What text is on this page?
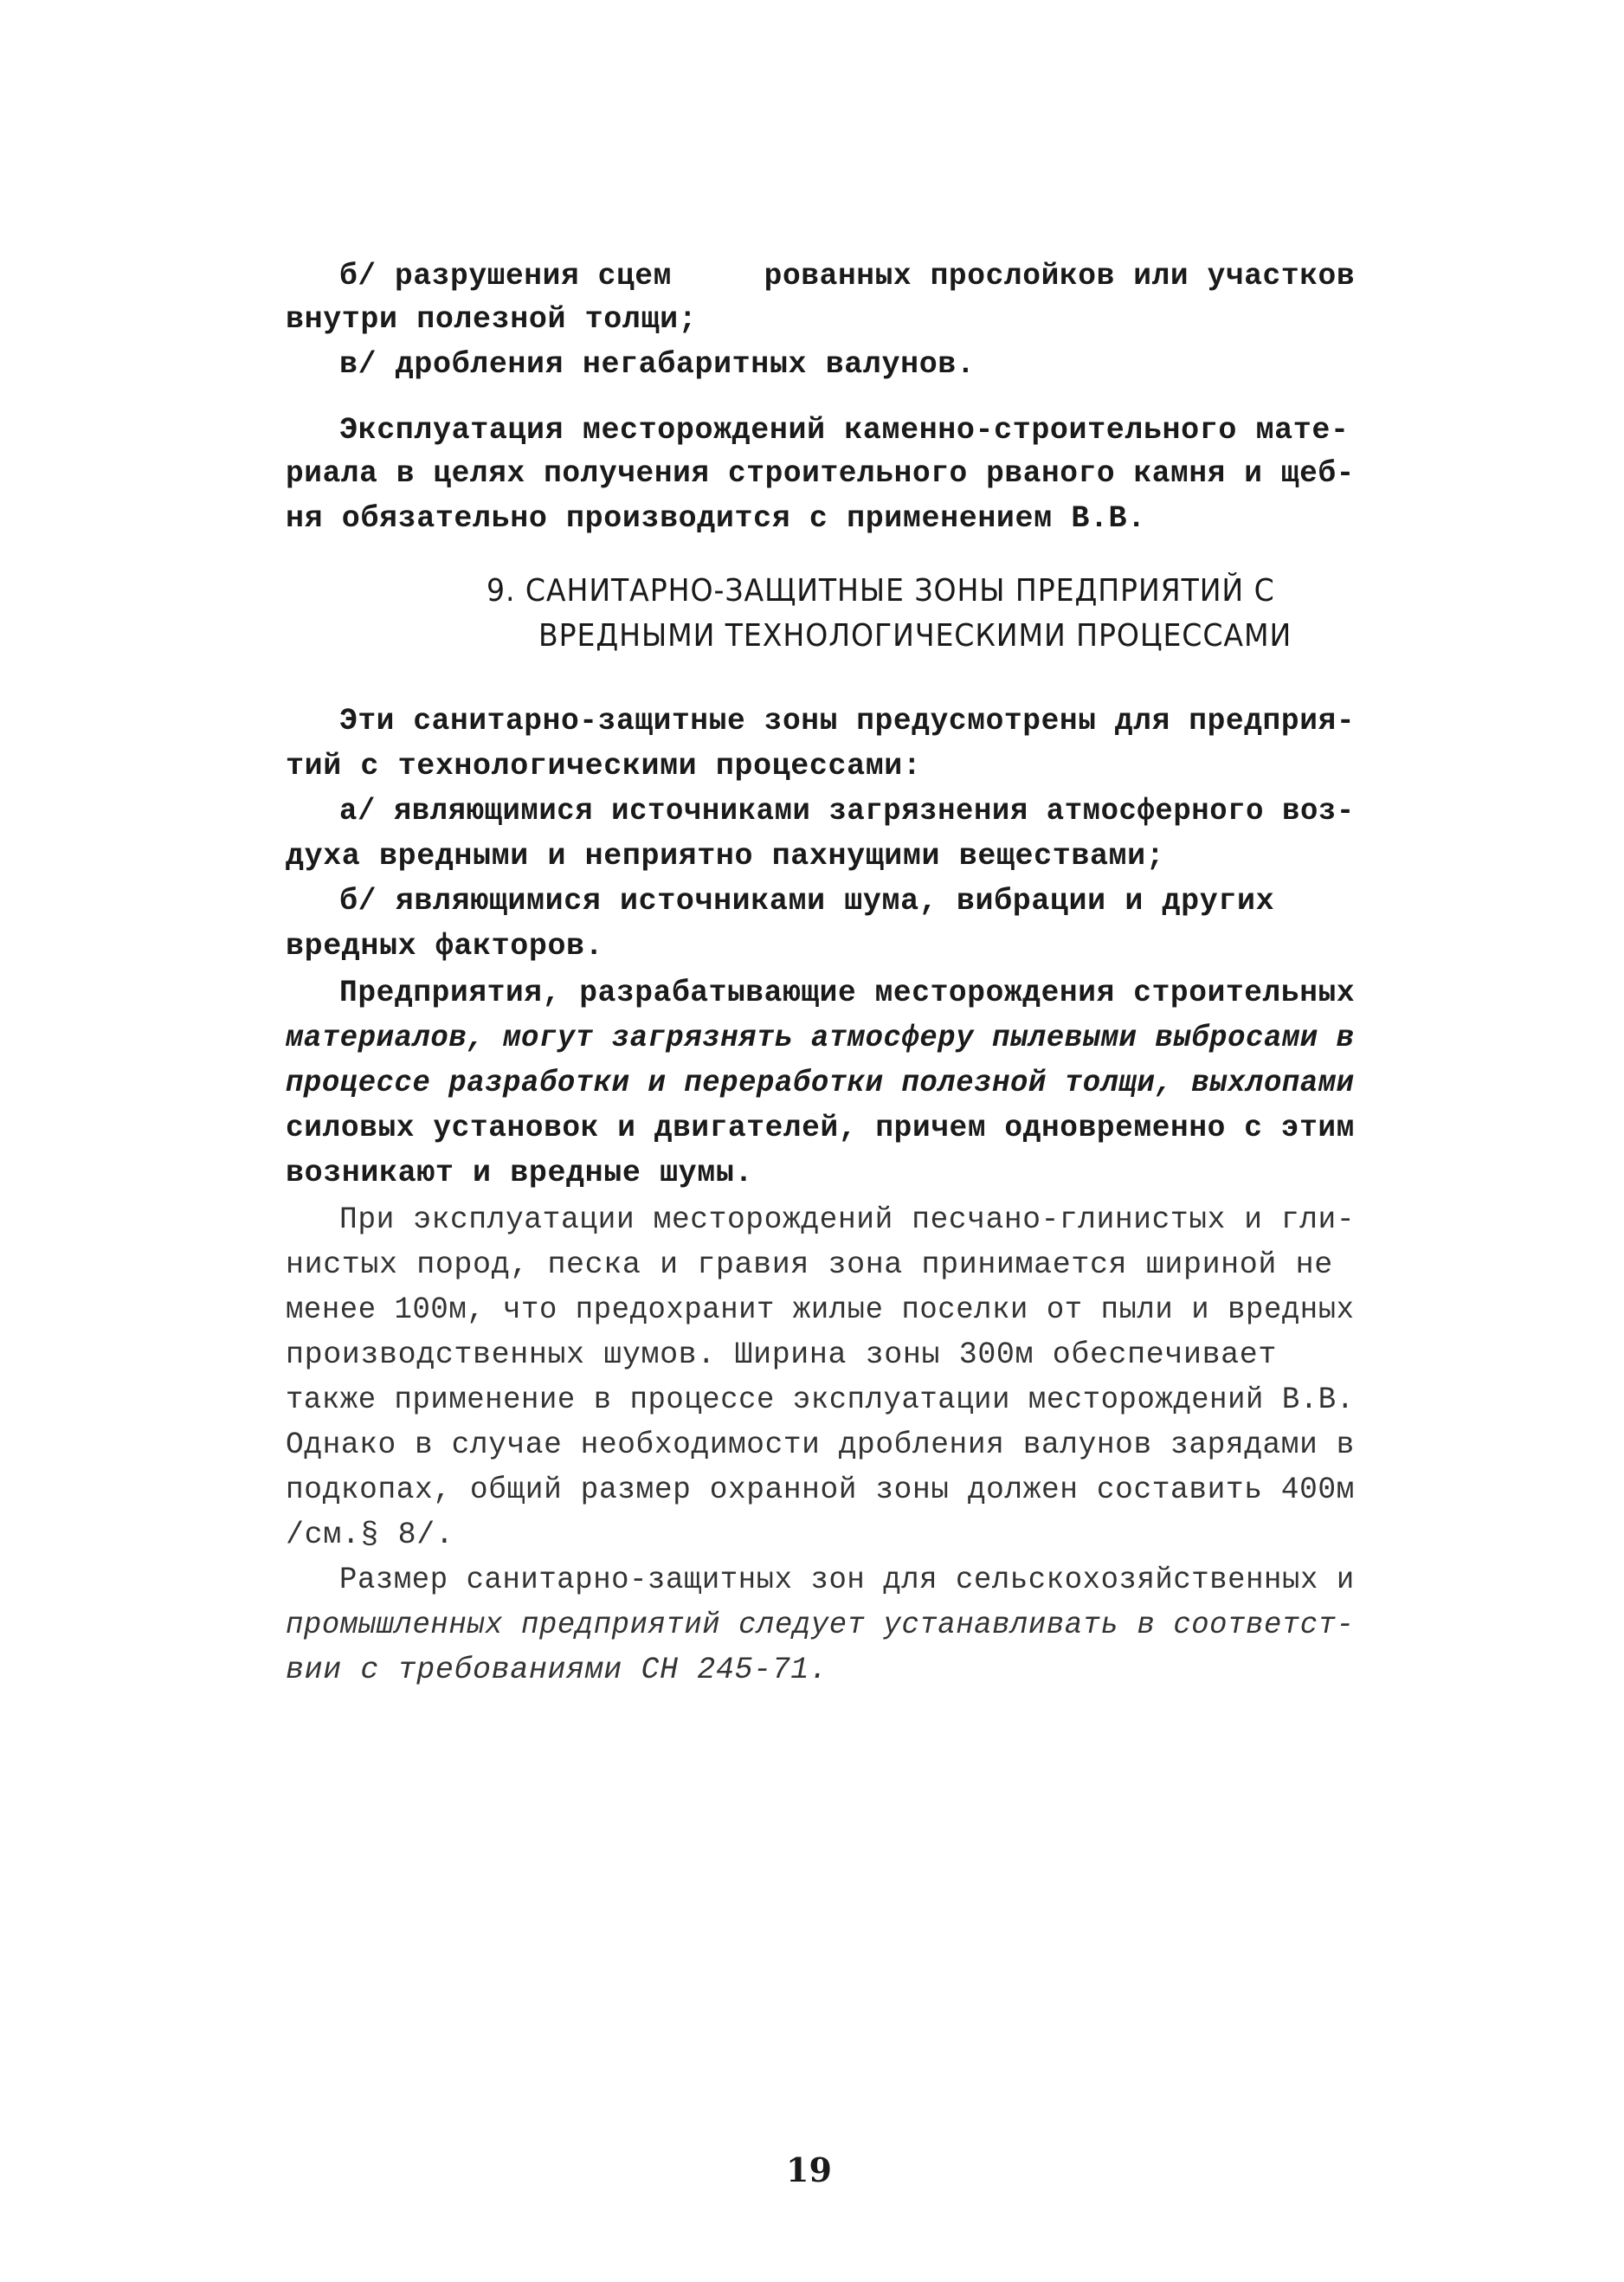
б/ разрушения сцем     рованных прослойков или участков
внутри полезной толщи;
в/ дробления негабаритных валунов.
Эксплуатация месторождений каменно-строительного мате-
риала в целях получения строительного рваного камня и щеб-
ня обязательно производится с применением В.В.
9. САНИТАРНО-ЗАЩИТНЫЕ ЗОНЫ ПРЕДПРИЯТИЙ С
ВРЕДНЫМИ ТЕХНОЛОГИЧЕСКИМИ ПРОЦЕССАМИ
Эти санитарно-защитные зоны предусмотрены для предприя-
тий с технологическими процессами:
а/ являющимися источниками загрязнения атмосферного воз-
духа вредными и неприятно пахнущими веществами;
б/ являющимися источниками шума, вибрации и других
вредных факторов.
Предприятия, разрабатывающие месторождения строительных
материалов, могут загрязнять атмосферу пылевыми выбросами в
процессе разработки и переработки полезной толщи, выхлопами
силовых установок и двигателей, причем одновременно с этим
возникают и вредные шумы.
При эксплуатации месторождений песчано-глинистых и гли-
нистых пород, песка и гравия зона принимается шириной не
менее 100м, что предохранит жилые поселки от пыли и вредных
производственных шумов. Ширина зоны 300м обеспечивает
также применение в процессе эксплуатации месторождений В.В.
Однако в случае необходимости дробления валунов зарядами в
подкопах, общий размер охранной зоны должен составить 400м
/см.§ 8/.
Размер санитарно-защитных зон для сельскохозяйственных и
промышленных предприятий следует устанавливать в соответст-
вии с требованиями СН 245-71.
19
